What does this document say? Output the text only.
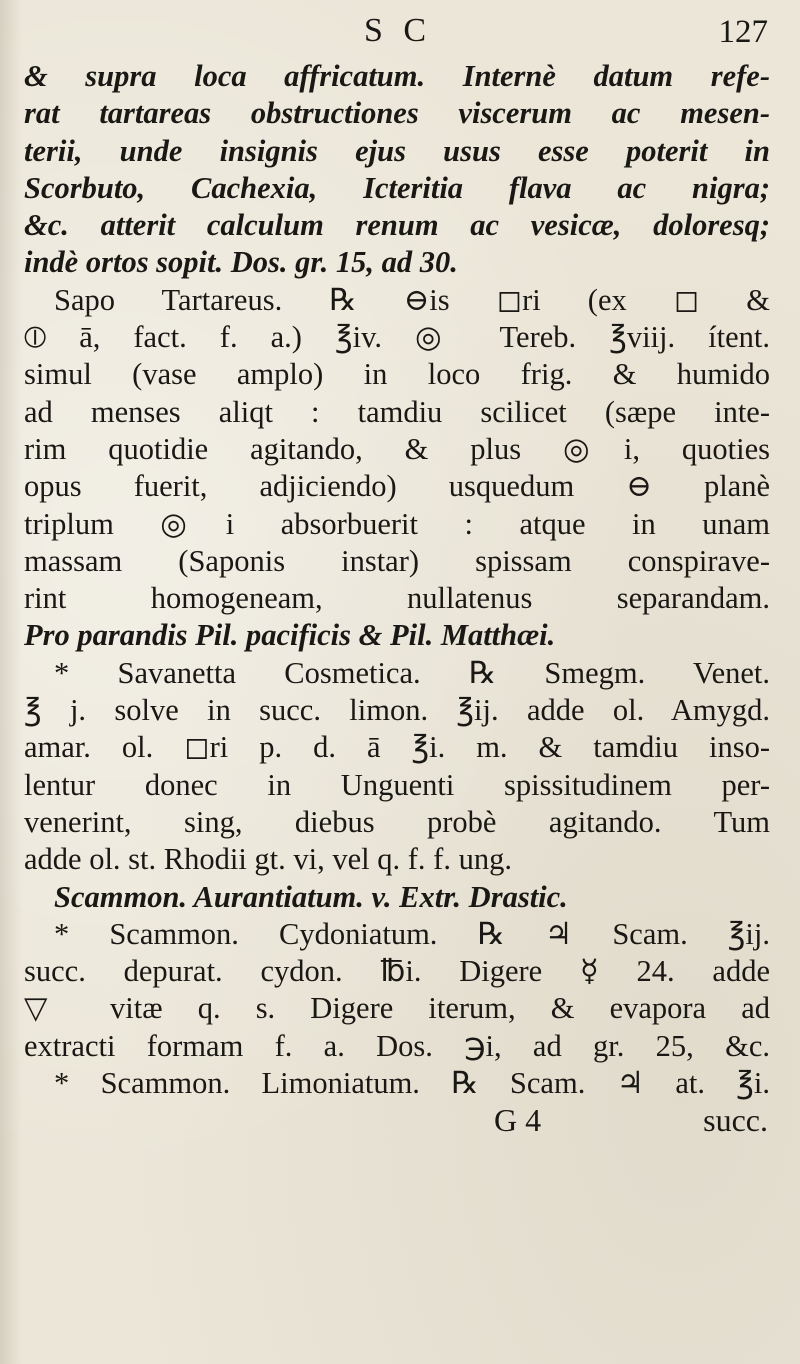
S C	127
& supra loca affricatum. Internè datum refe-
rat tartareas obstructiones viscerum ac mesen-
terii, unde insignis ejus usus esse poterit in
Scorbuto, Cachexia, Icteritia flava ac nigra;
&c. atterit calculum renum ac vesicæ, doloresq;
indè ortos sopit. Dos. gr. 15, ad 30.
Sapo Tartareus. ℞ ⊖is ◻ri (ex ◻ &
⦶ ā, fact. f. a.) ℥iv. ◎ Tereb. ℥viij. ítent.
simul (vase amplo) in loco frig. & humido
ad menses aliqt : tamdiu scilicet (sæpe inte-
rim quotidie agitando, & plus ◎i, quoties
opus fuerit, adjiciendo) usquedum ⊖ planè
triplum ◎i absorbuerit : atque in unam
massam (Saponis instar) spissam conspirave-
rint homogeneam, nullatenus separandam.
Pro parandis Pil. pacificis & Pil. Matthæi.
* Savanetta Cosmetica. ℞ Smegm. Venet.
℥ j. solve in succ. limon. ℥ij. adde ol. Amygd.
amar. ol. ◻ri p. d. ā ℥i. m. & tamdiu inso-
lentur donec in Unguenti spissitudinem per-
venerint, sing, diebus probè agitando. Tum
adde ol. st. Rhodii gt. vi, vel q. f. f. ung.
Scammon. Aurantiatum. v. Extr. Drastic.
* Scammon. Cydoniatum. ℞ ♃ Scam. ℥ij.
succ. depurat. cydon. ℔i. Digere ☿ 24. adde
▽ vitæ q. s. Digere iterum, & evapora ad
extracti formam f. a. Dos. ℈i, ad gr. 25, &c.
* Scammon. Limoniatum. ℞ Scam. ♃ at. ℥i.
G 4	succ.
